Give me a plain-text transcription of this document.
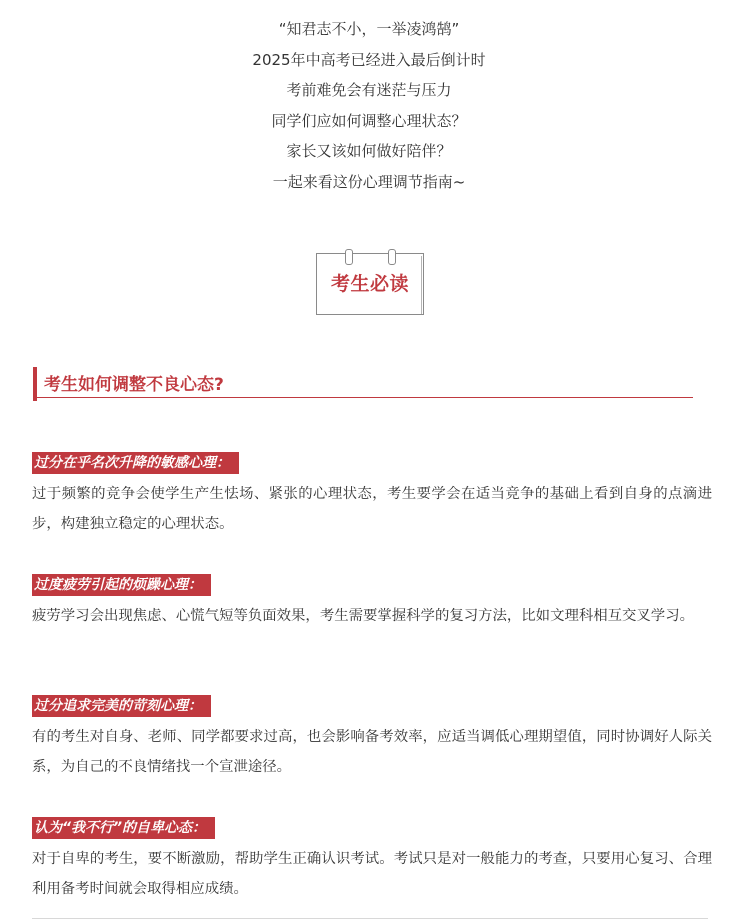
“知君志不小，一举凌鸿鹄”
2025年中高考已经进入最后倒计时
考前难免会有迷茫与压力
同学们应如何调整心理状态？
家长又该如何做好陪伴？
一起来看这份心理调节指南~
考生必读
考生如何调整不良心态?
过分在乎名次升降的敏感心理：
过于频繁的竞争会使学生产生怯场、紧张的心理状态，考生要学会在适当竞争的基础上看到自身的点滴进步，构建独立稳定的心理状态。
过度疲劳引起的烦躁心理：
疲劳学习会出现焦虑、心慌气短等负面效果，考生需要掌握科学的复习方法，比如文理科相互交叉学习。
过分追求完美的苛刻心理：
有的考生对自身、老师、同学都要求过高，也会影响备考效率，应适当调低心理期望值，同时协调好人际关系，为自己的不良情绪找一个宣泄途径。
认为“我不行”的自卑心态：
对于自卑的考生，要不断激励，帮助学生正确认识考试。考试只是对一般能力的考查，只要用心复习、合理利用备考时间就会取得相应成绩。
